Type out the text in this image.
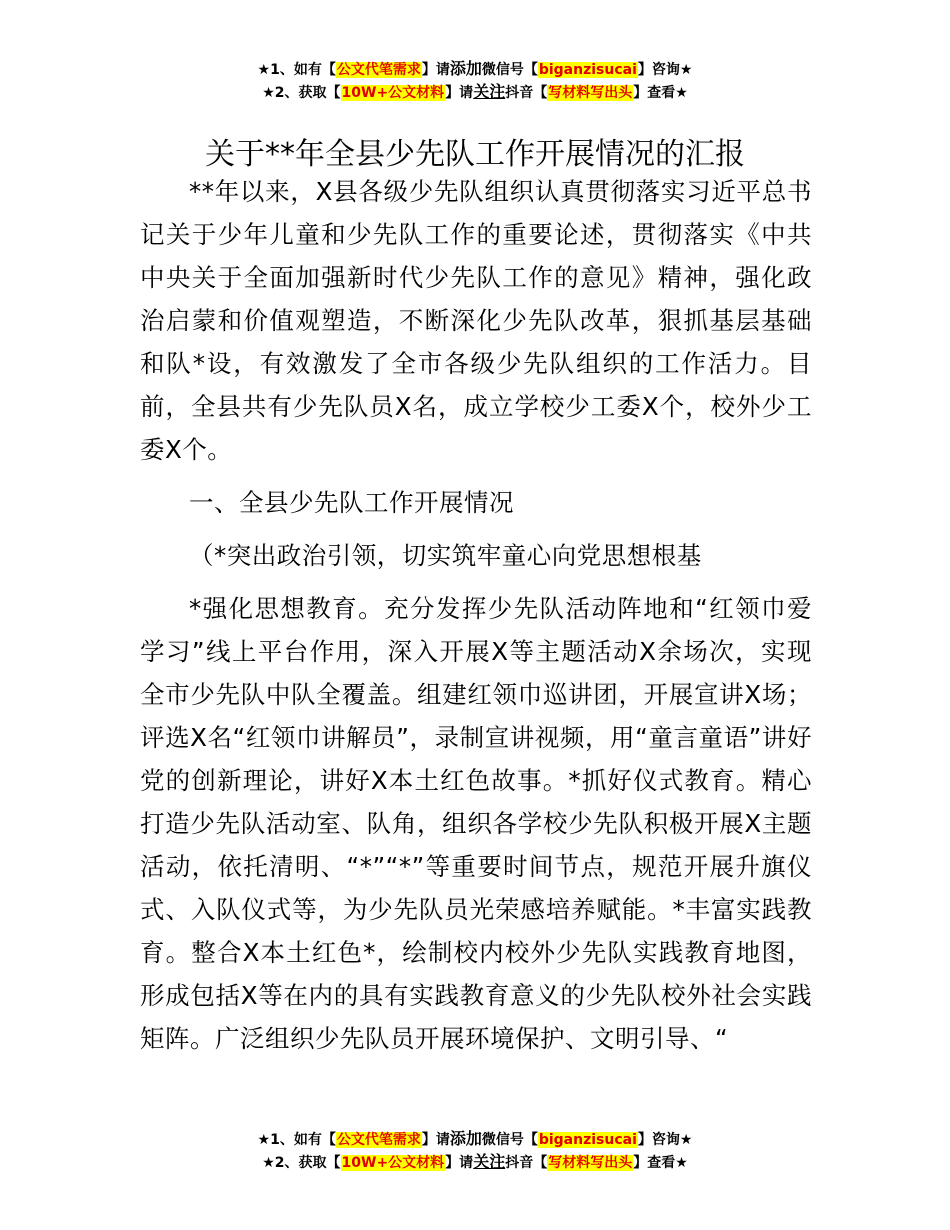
★1、如有【公文代笔需求】请添加微信号【biganzisucai】咨询★
★2、获取【10W+公文材料】请关注抖音【写材料写出头】查看★
关于**年全县少先队工作开展情况的汇报

**年以来，X县各级少先队组织认真贯彻落实习近平总书记关于少年儿童和少先队工作的重要论述，贯彻落实《中共中央关于全面加强新时代少先队工作的意见》精神，强化政治启蒙和价值观塑造，不断深化少先队改革，狠抓基层基础和队*设，有效激发了全市各级少先队组织的工作活力。目前，全县共有少先队员X名，成立学校少工委X个，校外少工委X个。

一、全县少先队工作开展情况

（*突出政治引领，切实筑牢童心向党思想根基

*强化思想教育。充分发挥少先队活动阵地和“红领巾爱学习”线上平台作用，深入开展X等主题活动X余场次，实现全市少先队中队全覆盖。组建红领巾巡讲团，开展宣讲X场；评选X名“红领巾讲解员”，录制宣讲视频，用“童言童语”讲好党的创新理论，讲好X本土红色故事。*抓好仪式教育。精心打造少先队活动室、队角，组织各学校少先队积极开展X主题活动，依托清明、“*”“*”等重要时间节点，规范开展升旗仪式、入队仪式等，为少先队员光荣感培养赋能。*丰富实践教育。整合X本土红色*，绘制校内校外少先队实践教育地图，形成包括X等在内的具有实践教育意义的少先队校外社会实践矩阵。广泛组织少先队员开展环境保护、文明引导、“

★1、如有【公文代笔需求】请添加微信号【biganzisucai】咨询★
★2、获取【10W+公文材料】请关注抖音【写材料写出头】查看★
